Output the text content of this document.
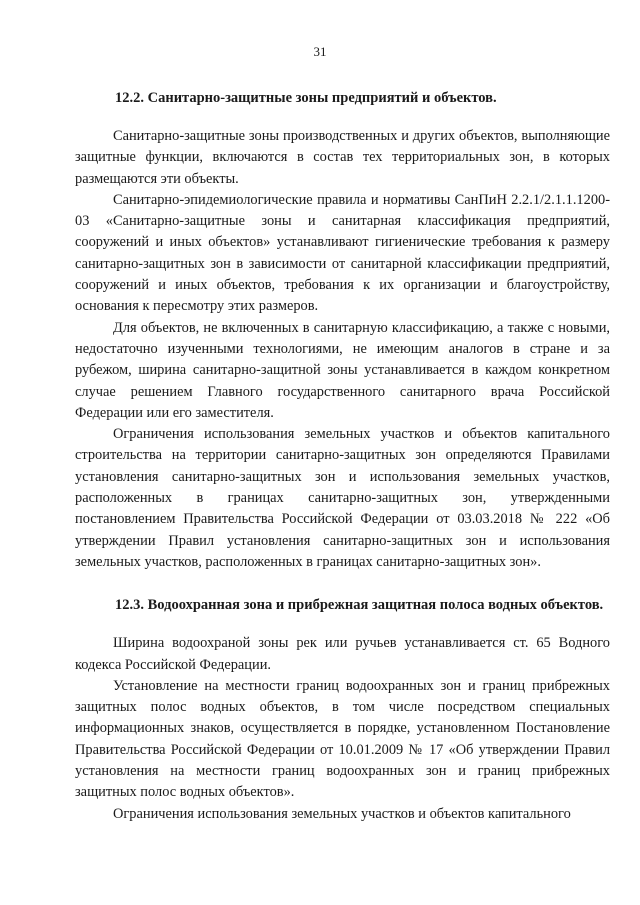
31
12.2. Санитарно-защитные зоны предприятий и объектов.

Санитарно-защитные зоны производственных и других объектов, выполняющие защитные функции, включаются в состав тех территориальных зон, в которых размещаются эти объекты.

Санитарно-эпидемиологические правила и нормативы СанПиН 2.2.1/2.1.1.1200-03 «Санитарно-защитные зоны и санитарная классификация предприятий, сооружений и иных объектов» устанавливают гигиенические требования к размеру санитарно-защитных зон в зависимости от санитарной классификации предприятий, сооружений и иных объектов, требования к их организации и благоустройству, основания к пересмотру этих размеров.

Для объектов, не включенных в санитарную классификацию, а также с новыми, недостаточно изученными технологиями, не имеющим аналогов в стране и за рубежом, ширина санитарно-защитной зоны устанавливается в каждом конкретном случае решением Главного государственного санитарного врача Российской Федерации или его заместителя.

Ограничения использования земельных участков и объектов капитального строительства на территории санитарно-защитных зон определяются Правилами установления санитарно-защитных зон и использования земельных участков, расположенных в границах санитарно-защитных зон, утвержденными постановлением Правительства Российской Федерации от 03.03.2018 № 222 «Об утверждении Правил установления санитарно-защитных зон и использования земельных участков, расположенных в границах санитарно-защитных зон».

12.3. Водоохранная зона и прибрежная защитная полоса водных объектов.

Ширина водоохраной зоны рек или ручьев устанавливается ст. 65 Водного кодекса Российской Федерации.

Установление на местности границ водоохранных зон и границ прибрежных защитных полос водных объектов, в том числе посредством специальных информационных знаков, осуществляется в порядке, установленном Постановление Правительства Российской Федерации от 10.01.2009 № 17 «Об утверждении Правил установления на местности границ водоохранных зон и границ прибрежных защитных полос водных объектов».

Ограничения использования земельных участков и объектов капитального
